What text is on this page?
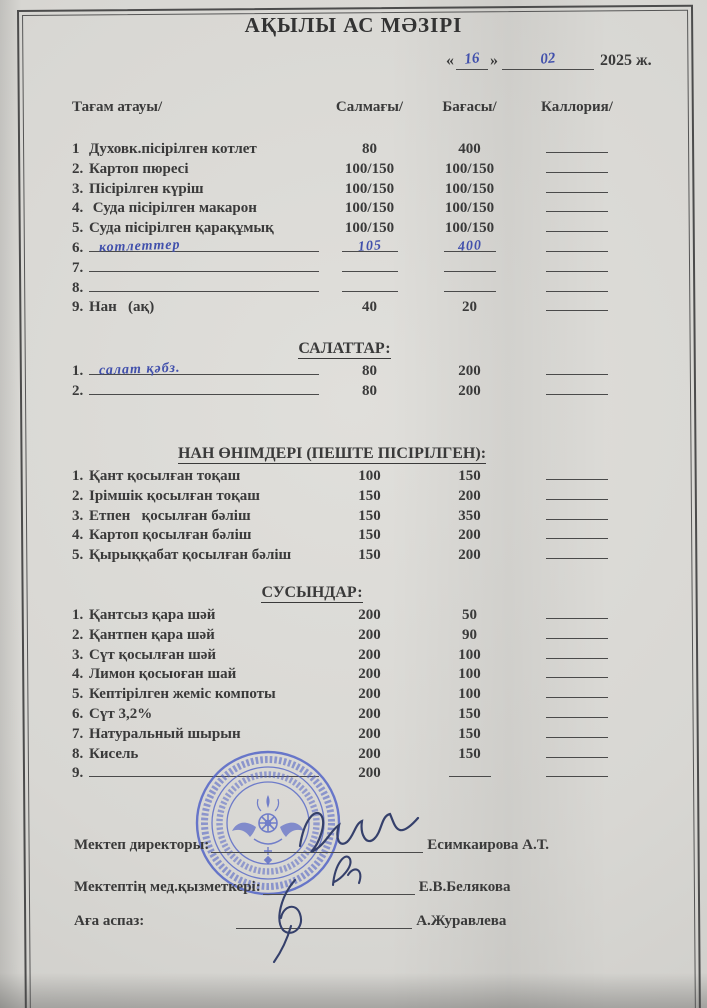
АҚЫЛЫ АС МӘЗІРІ
« 16 »	02	2025 ж.
Тағам атауы/	Салмағы/	Бағасы/	Каллория/
1 Духовк.пісірілген котлет	80	400
2. Картоп пюресі	100/150	100/150
3. Пісірілген күріш	100/150	100/150
4. Суда пісірілген макарон	100/150	100/150
5. Суда пісірілген қарақұмық	100/150	100/150
6. котлеттер	105	400
7.
8.
9. Нан   (ақ)	40	20
САЛАТТАР:
1. салат қәбз.	80	200
2.	80	200
НАН ӨНІМДЕРІ (ПЕШТЕ ПІСІРІЛГЕН):
1. Қант қосылған тоқаш	100	150
2. Ірімшік қосылған тоқаш	150	200
3. Етпен   қосылған бәліш	150	350
4. Картоп қосылған бәліш	150	200
5. Қырыққабат қосылған бәліш	150	200
СУСЫНДАР:
1. Қантсыз қара шәй	200	50
2. Қантпен қара шәй	200	90
3. Сүт қосылған шәй	200	100
4. Лимон қосыоған шай	200	100
5. Кептірілген жеміс компоты	200	100
6. Сүт 3,2%	200	150
7. Натуральный шырын	200	150
8. Кисель	200	150
9.	200
Мектеп директоры:	Есимкаирова А.Т.
Мектептің мед.қызметкері:	Е.В.Белякова
Аға аспаз:	А.Журавлева
